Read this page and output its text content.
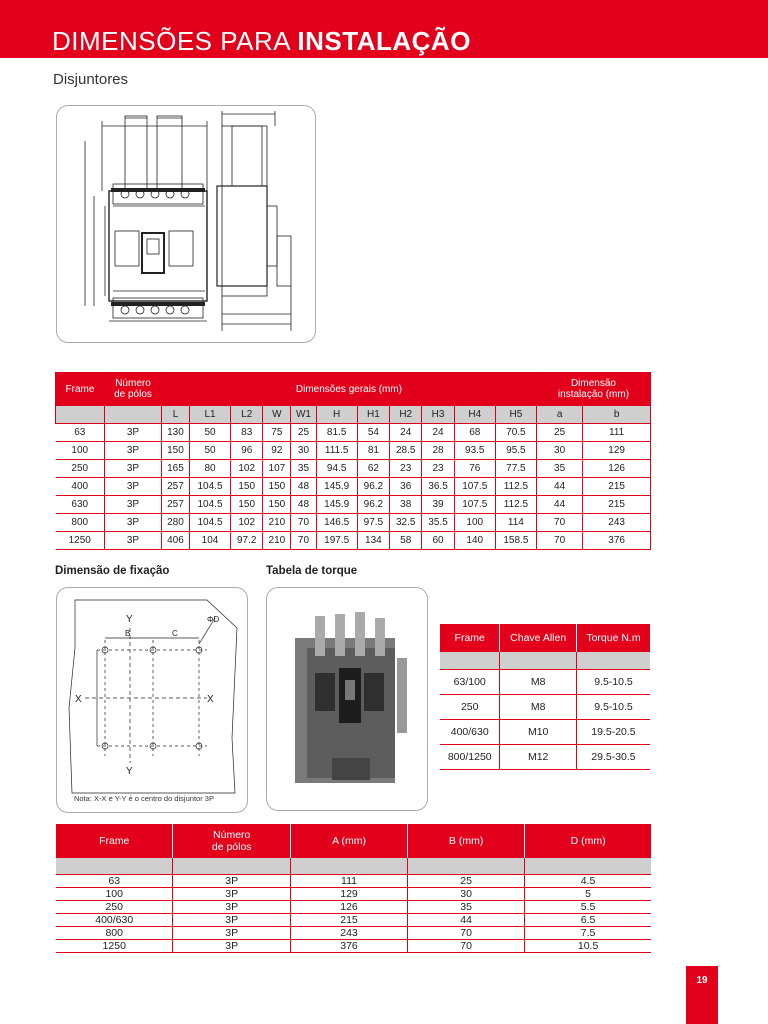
DIMENSÕES PARA INSTALAÇÃO
Disjuntores
Frame	Número
de pólos	Dimensões gerais (mm)											Dimensão
instalação (mm)	
		L	L1	L2	W	W1	H	H1	H2	H3	H4	H5	a	b
63	3P	130	50	83	75	25	81.5	54	24	24	68	70.5	25	111
100	3P	150	50	96	92	30	111.5	81	28.5	28	93.5	95.5	30	129
250	3P	165	80	102	107	35	94.5	62	23	23	76	77.5	35	126
400	3P	257	104.5	150	150	48	145.9	96.2	36	36.5	107.5	112.5	44	215
630	3P	257	104.5	150	150	48	145.9	96.2	38	39	107.5	112.5	44	215
800	3P	280	104.5	102	210	70	146.5	97.5	32.5	35.5	100	114	70	243
1250	3P	406	104	97.2	210	70	197.5	134	58	60	140	158.5	70	376
Dimensão de fixação	Tabela de torque
Y
Y
X	X
B	C
ΦD
Nota: X-X e Y-Y é o centro do disjuntor 3P
Frame	Chave Allen	Torque N.m

63/100	M8	9.5-10.5
250	M8	9.5-10.5
400/630	M10	19.5-20.5
800/1250	M12	29.5-30.5
Frame	Número
de pólos	A (mm)	B (mm)	D (mm)

63	3P	111	25	4.5
100	3P	129	30	5
250	3P	126	35	5.5
400/630	3P	215	44	6.5
800	3P	243	70	7.5
1250	3P	376	70	10.5
19
